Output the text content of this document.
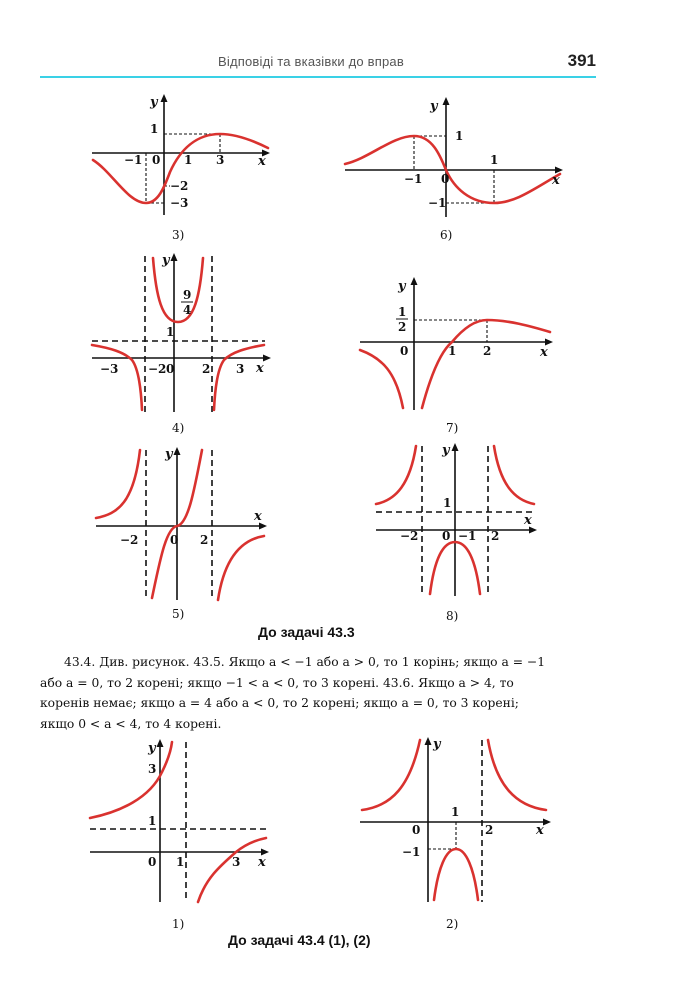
Відповіді та вказівки до вправ	391
y
x
−1 0 1 3
1
−2
−3
3)
y
x
1
1
−1 0
−1
6)
y
x
9
4
1
−3 −2 0 2 3
4)
y
x
1
2
0	1 2
7)
y
x
−2	0 2
5)
y
x
1
−2 0 −1 2
8)
y
x
3
1
0 1	3
1)
y
x
1
0	2
−1
2)
До задачі 43.3
43.4. Див. рисунок. 43.5. Якщо a < −1 або a > 0, то 1 корінь; якщо a = −1
або a = 0, то 2 корені; якщо −1 < a < 0, то 3 корені. 43.6. Якщо a > 4, то
коренів немає; якщо a = 4 або a < 0, то 2 корені; якщо a = 0, то 3 корені;
якщо 0 < a < 4, то 4 корені.
До задачі 43.4 (1), (2)
